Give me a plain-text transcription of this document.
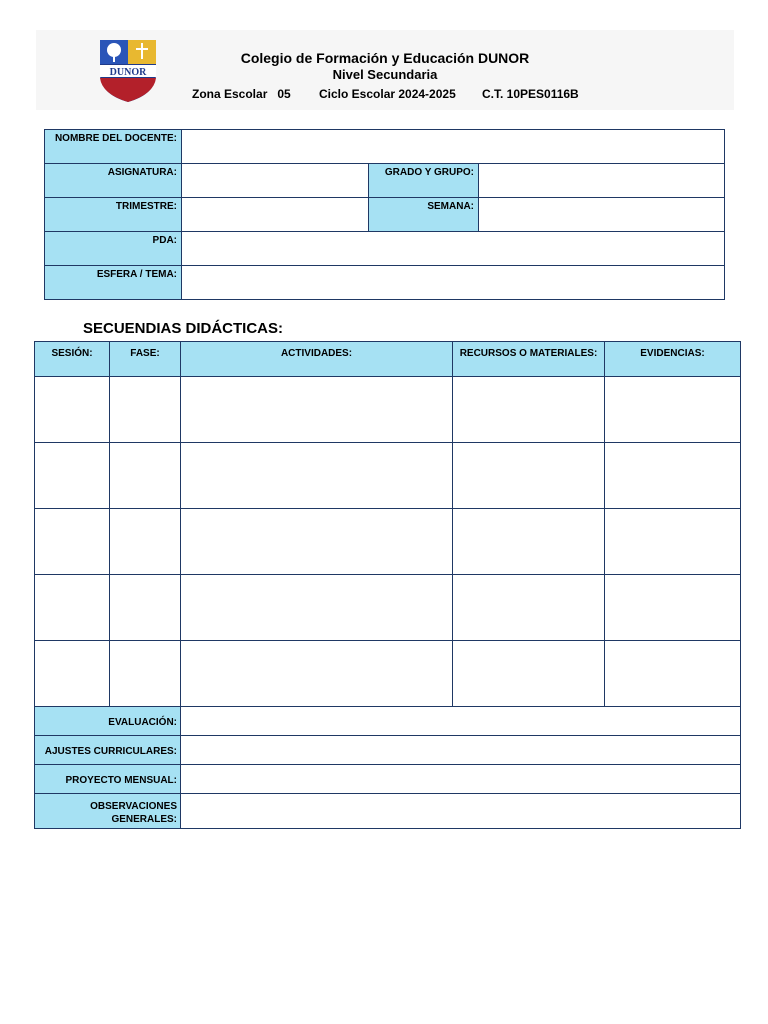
DUNOR
Colegio de Formación y Educación DUNOR
Nivel Secundaria
Zona Escolar   05 Ciclo Escolar 2024-2025 C.T. 10PES0116B
NOMBRE DEL DOCENTE:			
ASIGNATURA:		GRADO Y GRUPO:	
TRIMESTRE:		SEMANA:	
PDA:			
ESFERA / TEMA:			
SECUENDIAS DIDÁCTICAS:
SESIÓN:	FASE:	ACTIVIDADES:	RECURSOS O MATERIALES:	EVIDENCIAS:

EVALUACIÓN:				
AJUSTES CURRICULARES:				
PROYECTO MENSUAL:				
OBSERVACIONES GENERALES:				
